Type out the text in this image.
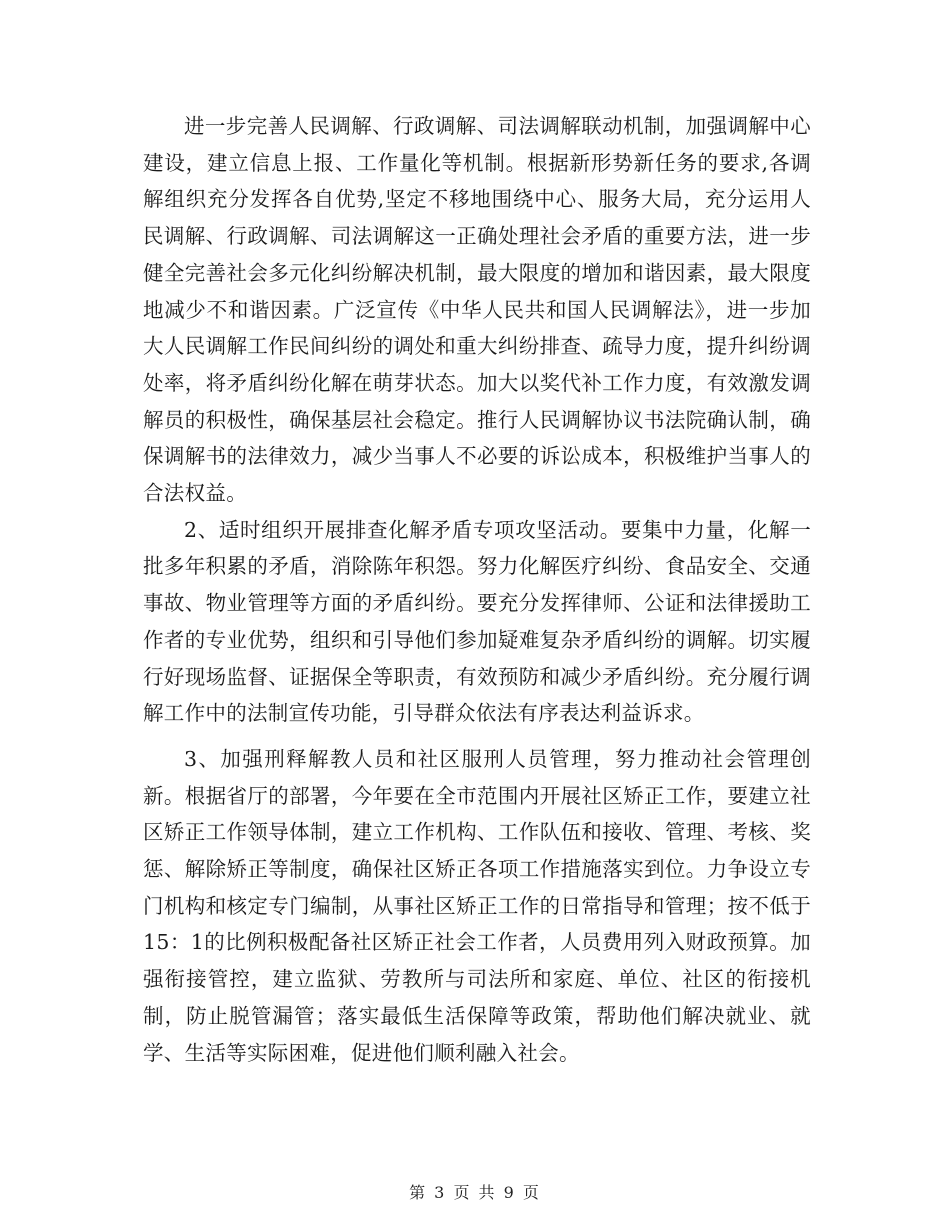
进一步完善人民调解、行政调解、司法调解联动机制，加强调解中心建设，建立信息上报、工作量化等机制。根据新形势新任务的要求,各调解组织充分发挥各自优势,坚定不移地围绕中心、服务大局，充分运用人民调解、行政调解、司法调解这一正确处理社会矛盾的重要方法，进一步健全完善社会多元化纠纷解决机制，最大限度的增加和谐因素，最大限度地减少不和谐因素。广泛宣传《中华人民共和国人民调解法》，进一步加大人民调解工作民间纠纷的调处和重大纠纷排查、疏导力度，提升纠纷调处率，将矛盾纠纷化解在萌芽状态。加大以奖代补工作力度，有效激发调解员的积极性，确保基层社会稳定。推行人民调解协议书法院确认制，确保调解书的法律效力，减少当事人不必要的诉讼成本，积极维护当事人的合法权益。

2、适时组织开展排查化解矛盾专项攻坚活动。要集中力量，化解一批多年积累的矛盾，消除陈年积怨。努力化解医疗纠纷、食品安全、交通事故、物业管理等方面的矛盾纠纷。要充分发挥律师、公证和法律援助工作者的专业优势，组织和引导他们参加疑难复杂矛盾纠纷的调解。切实履行好现场监督、证据保全等职责，有效预防和减少矛盾纠纷。充分履行调解工作中的法制宣传功能，引导群众依法有序表达利益诉求。

3、加强刑释解教人员和社区服刑人员管理，努力推动社会管理创新。根据省厅的部署，今年要在全市范围内开展社区矫正工作，要建立社区矫正工作领导体制，建立工作机构、工作队伍和接收、管理、考核、奖惩、解除矫正等制度，确保社区矫正各项工作措施落实到位。力争设立专门机构和核定专门编制，从事社区矫正工作的日常指导和管理；按不低于15：1的比例积极配备社区矫正社会工作者，人员费用列入财政预算。加强衔接管控，建立监狱、劳教所与司法所和家庭、单位、社区的衔接机制，防止脱管漏管；落实最低生活保障等政策，帮助他们解决就业、就学、生活等实际困难，促进他们顺利融入社会。

第 3 页 共 9 页
